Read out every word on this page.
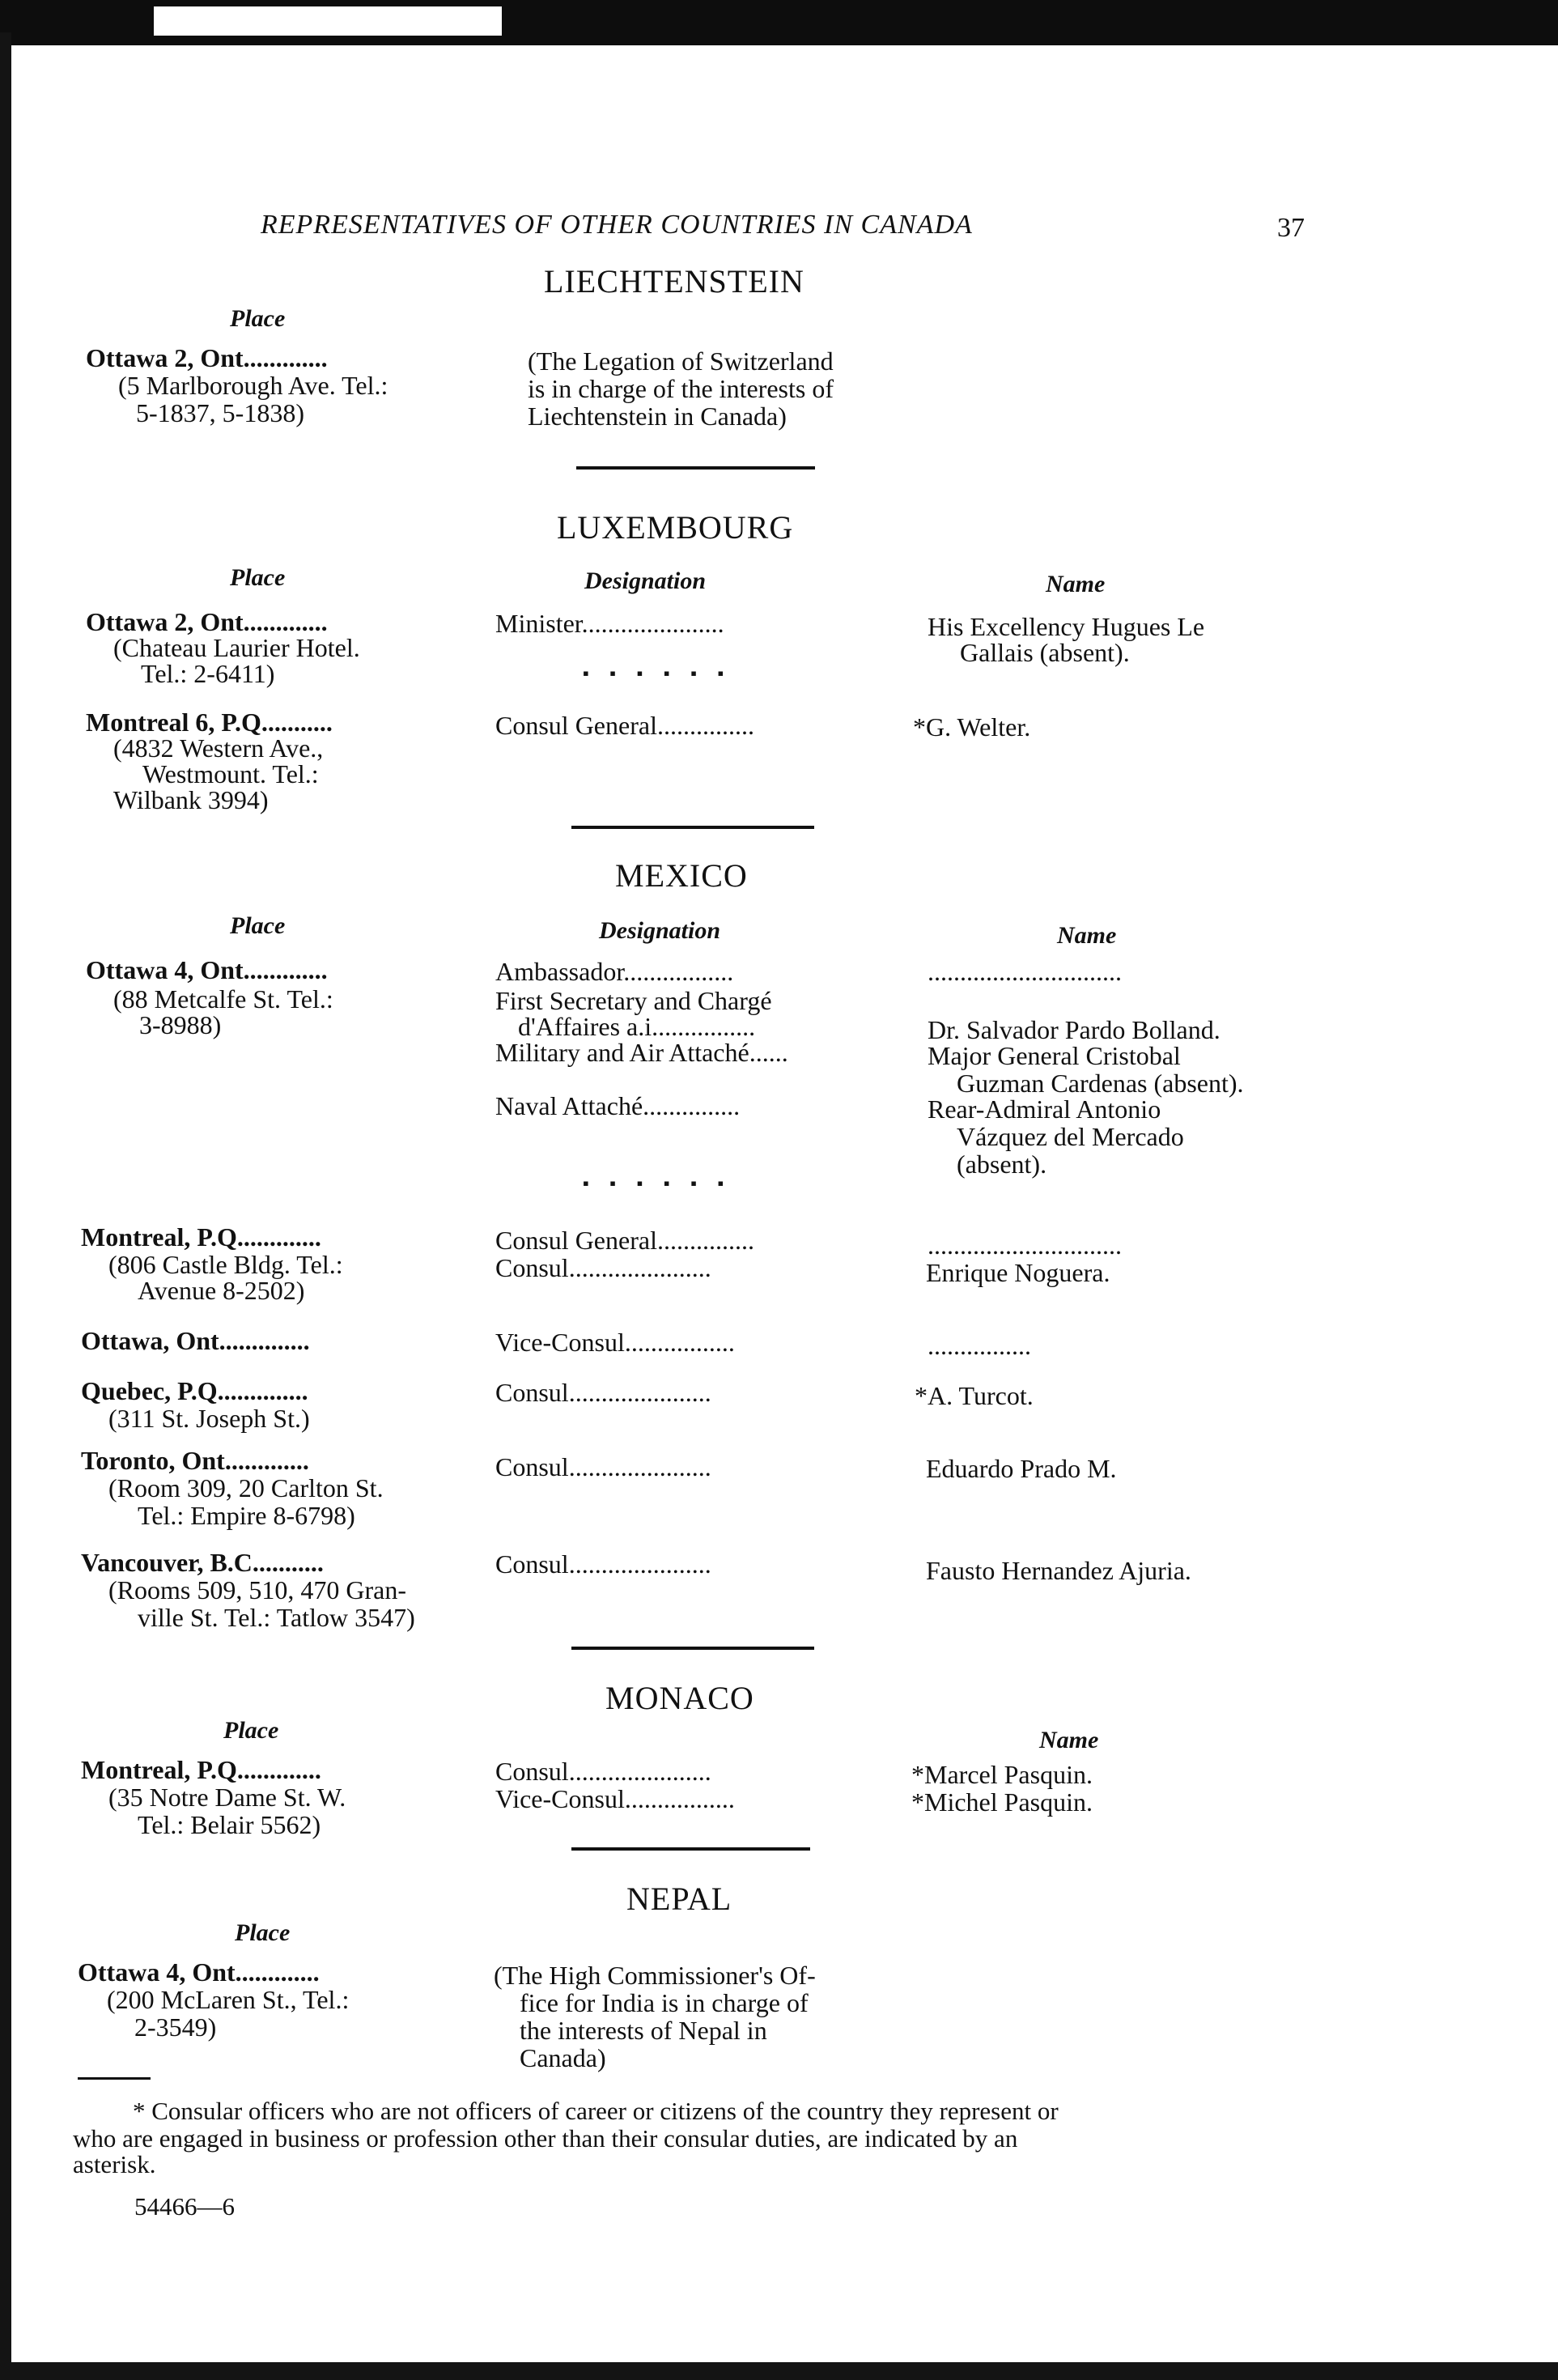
REPRESENTATIVES OF OTHER COUNTRIES IN CANADA	37
LIECHTENSTEIN
Place
Ottawa 2, Ont.............
(5 Marlborough Ave. Tel.:
5-1837, 5-1838)
(The Legation of Switzerland
is in charge of the interests of
Liechtenstein in Canada)
LUXEMBOURG
Place	Designation	Name
Ottawa 2, Ont.............
(Chateau Laurier Hotel.
Tel.: 2-6411)
Minister......................	His Excellency Hugues Le
Gallais (absent).
▪ ▪ ▪ ▪ ▪ ▪
Montreal 6, P.Q...........
(4832 Western Ave.,
Westmount. Tel.:
Wilbank 3994)
Consul General...............	*G. Welter.
MEXICO
Place	Designation	Name
Ottawa 4, Ont.............
(88 Metcalfe St. Tel.:
3-8988)
Ambassador.................	..............................
First Secretary and Chargé
d'Affaires a.i................	Dr. Salvador Pardo Bolland.
Military and Air Attaché......	Major General Cristobal
Guzman Cardenas (absent).
Naval Attaché...............	Rear-Admiral Antonio
Vázquez del Mercado
(absent).
▪ ▪ ▪ ▪ ▪ ▪
Montreal, P.Q.............
(806 Castle Bldg. Tel.:
Avenue 8-2502)
Consul General...............	..............................
Consul......................	Enrique Noguera.
Ottawa, Ont..............	Vice-Consul.................	................
Quebec, P.Q..............
(311 St. Joseph St.)
Consul......................	*A. Turcot.
Toronto, Ont.............
(Room 309, 20 Carlton St.
Tel.: Empire 8-6798)
Consul......................	Eduardo Prado M.
Vancouver, B.C...........
(Rooms 509, 510, 470 Gran-
ville St. Tel.: Tatlow 3547)
Consul......................	Fausto Hernandez Ajuria.
MONACO
Place	Name
Montreal, P.Q.............
(35 Notre Dame St. W.
Tel.: Belair 5562)
Consul......................	*Marcel Pasquin.
Vice-Consul.................	*Michel Pasquin.
NEPAL
Place
Ottawa 4, Ont.............
(200 McLaren St., Tel.:
2-3549)
(The High Commissioner's Of-
fice for India is in charge of
the interests of Nepal in
Canada)
* Consular officers who are not officers of career or citizens of the country they represent or
who are engaged in business or profession other than their consular duties, are indicated by an
asterisk.
54466—6
